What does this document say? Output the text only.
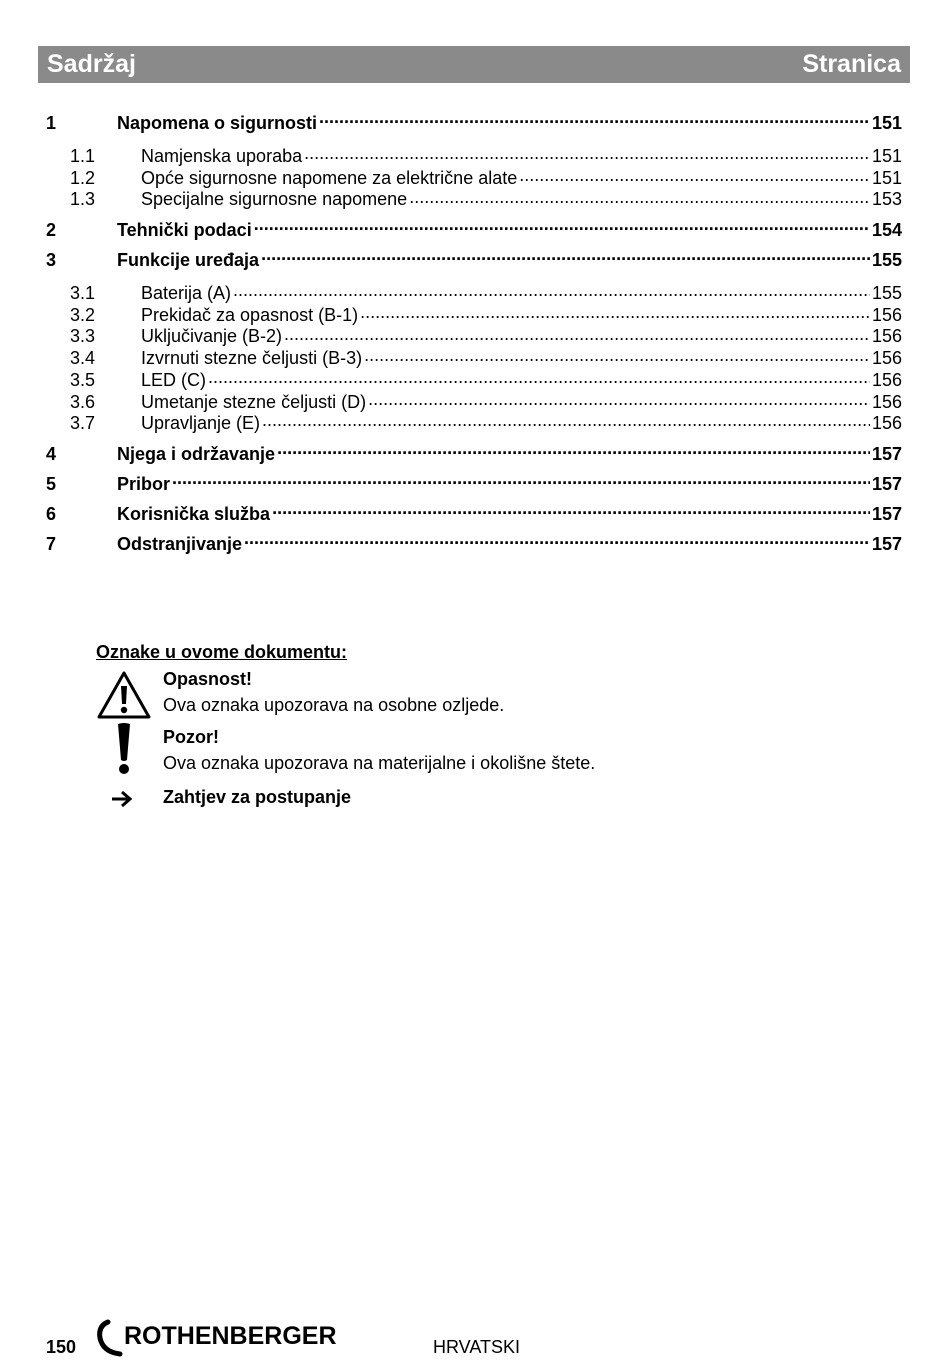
Sadržaj	Stranica
1	Napomena o sigurnosti .....	151
1.1	Namjenska uporaba .....	151
1.2	Opće sigurnosne napomene za električne alate .....	151
1.3	Specijalne sigurnosne napomene .....	153
2	Tehnički podaci .....	154
3	Funkcije uređaja .....	155
3.1	Baterija (A) .....	155
3.2	Prekidač za opasnost (B-1) .....	156
3.3	Uključivanje (B-2) .....	156
3.4	Izvrnuti stezne čeljusti (B-3) .....	156
3.5	LED (C) .....	156
3.6	Umetanje stezne čeljusti (D) .....	156
3.7	Upravljanje (E) .....	156
4	Njega i održavanje .....	157
5	Pribor .....	157
6	Korisnička služba .....	157
7	Odstranjivanje .....	157
Oznake u ovome dokumentu:
Opasnost!
Ova oznaka upozorava na osobne ozljede.
Pozor!
Ova oznaka upozorava na materijalne i okolišne štete.
Zahtjev za postupanje
150 ROTHENBERGER	HRVATSKI
